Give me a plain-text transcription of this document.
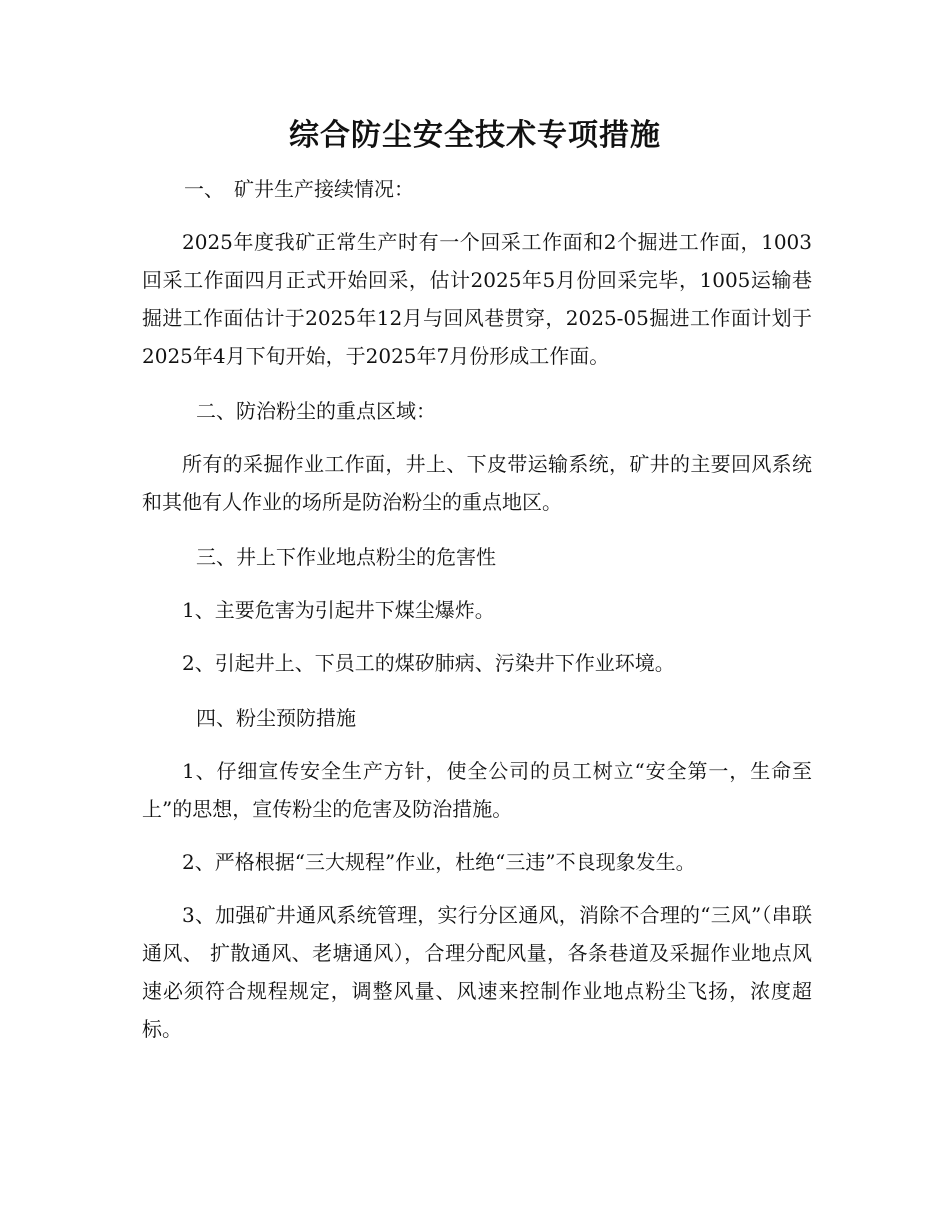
综合防尘安全技术专项措施
一、　矿井生产接续情况：

2025年度我矿正常生产时有一个回采工作面和2个掘进工作面，1003回采工作面四月正式开始回采，估计2025年5月份回采完毕，1005运输巷掘进工作面估计于2025年12月与回风巷贯穿，2025-05掘进工作面计划于2025年4月下旬开始，于2025年7月份形成工作面。

二、防治粉尘的重点区域：

所有的采掘作业工作面，井上、下皮带运输系统，矿井的主要回风系统和其他有人作业的场所是防治粉尘的重点地区。

三、井上下作业地点粉尘的危害性

1、主要危害为引起井下煤尘爆炸。

2、引起井上、下员工的煤矽肺病、污染井下作业环境。

四、粉尘预防措施

1、仔细宣传安全生产方针，使全公司的员工树立“安全第一，生命至上”的思想，宣传粉尘的危害及防治措施。

2、严格根据“三大规程”作业，杜绝“三违”不良现象发生。

3、加强矿井通风系统管理，实行分区通风，消除不合理的“三风”（串联通风、 扩散通风、老塘通风），合理分配风量，各条巷道及采掘作业地点风速必须符合规程规定，调整风量、风速来控制作业地点粉尘飞扬，浓度超标。
